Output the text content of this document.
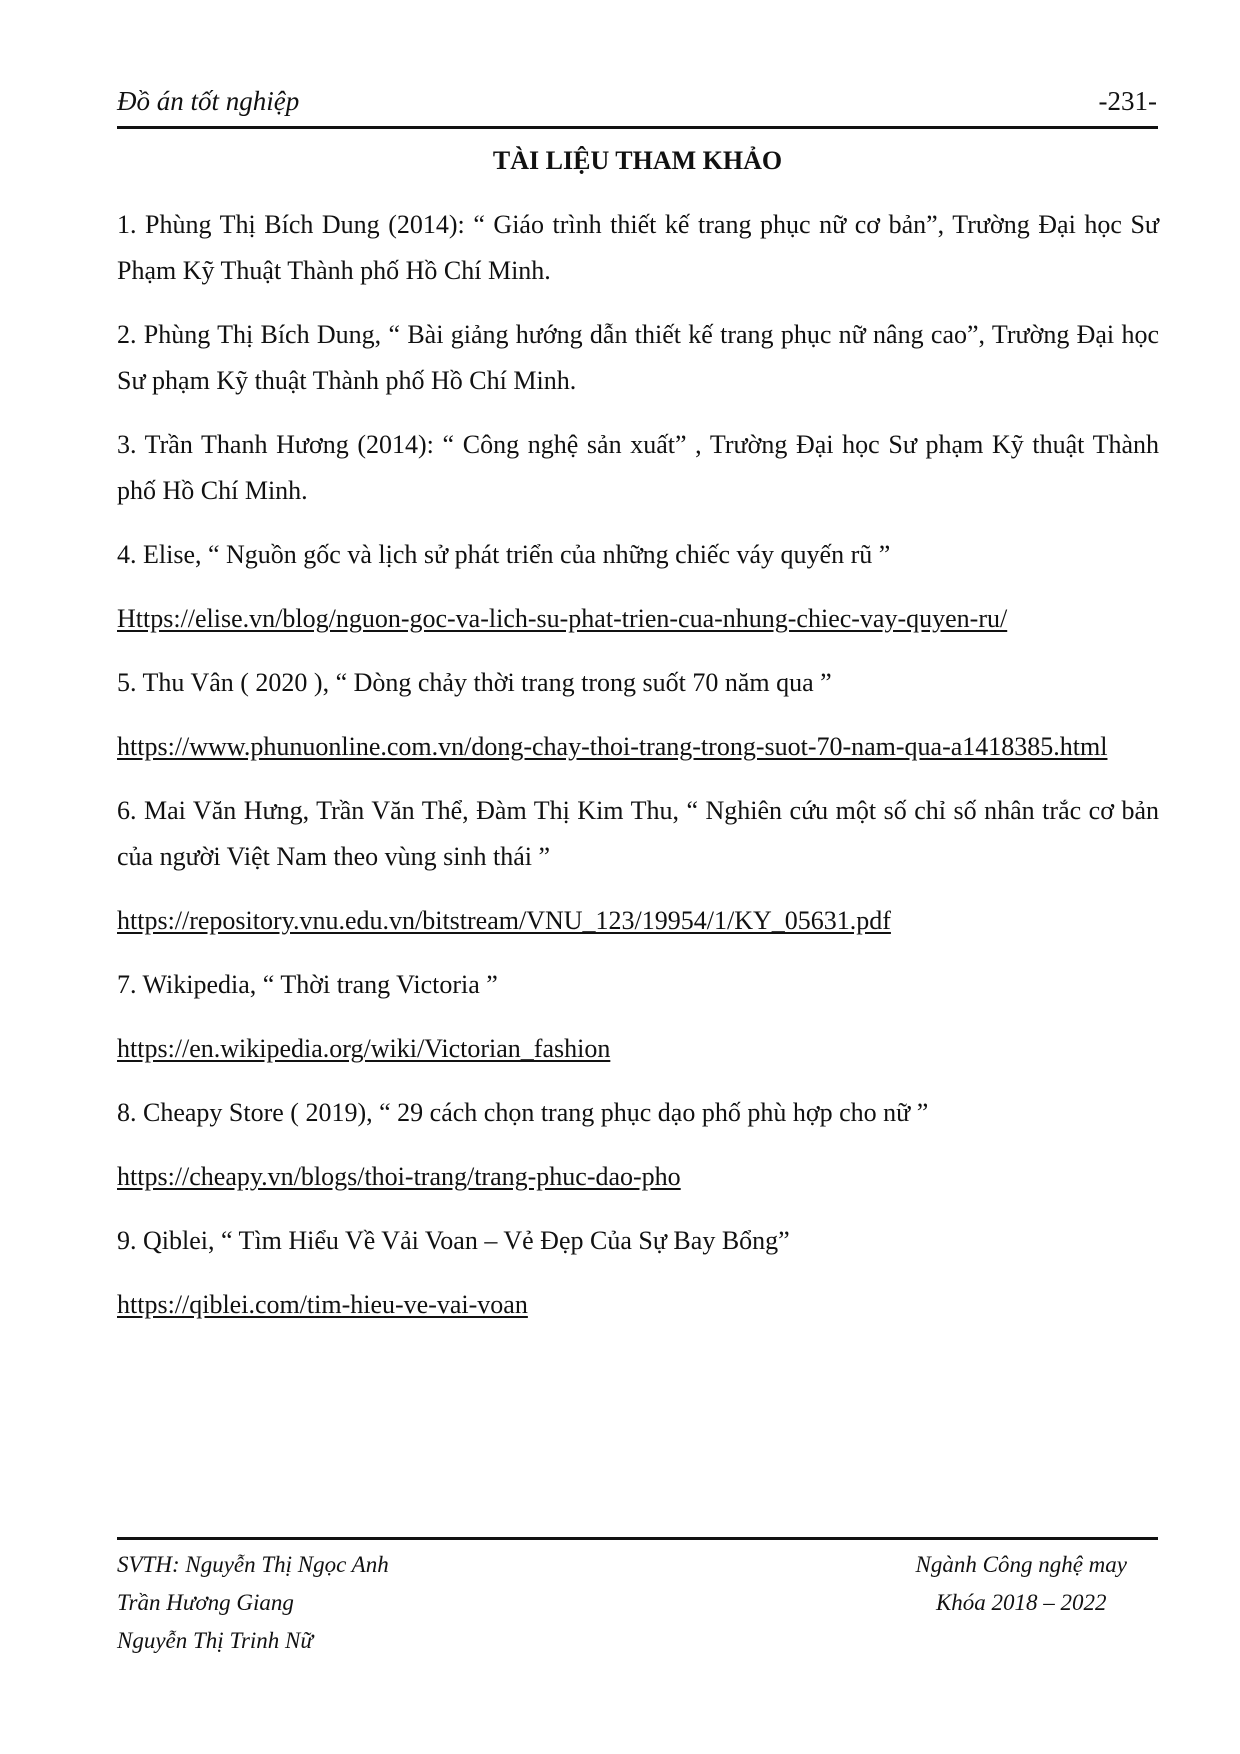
Đồ án tốt nghiệp	-231-
TÀI LIỆU THAM KHẢO

1. Phùng Thị Bích Dung (2014): “ Giáo trình thiết kế trang phục nữ cơ bản”, Trường Đại học Sư Phạm Kỹ Thuật Thành phố Hồ Chí Minh.

2. Phùng Thị Bích Dung, “ Bài giảng hướng dẫn thiết kế trang phục nữ nâng cao”, Trường Đại học Sư phạm Kỹ thuật Thành phố Hồ Chí Minh.

3. Trần Thanh Hương (2014): “ Công nghệ sản xuất” , Trường Đại học Sư phạm Kỹ thuật Thành phố Hồ Chí Minh.

4. Elise, “ Nguồn gốc và lịch sử phát triển của những chiếc váy quyến rũ ”

Https://elise.vn/blog/nguon-goc-va-lich-su-phat-trien-cua-nhung-chiec-vay-quyen-ru/

5. Thu Vân ( 2020 ), “ Dòng chảy thời trang trong suốt 70 năm qua ”

https://www.phunuonline.com.vn/dong-chay-thoi-trang-trong-suot-70-nam-qua-a1418385.html

6. Mai Văn Hưng, Trần Văn Thể, Đàm Thị Kim Thu, “ Nghiên cứu một số chỉ số nhân trắc cơ bản của người Việt Nam theo vùng sinh thái ”

https://repository.vnu.edu.vn/bitstream/VNU_123/19954/1/KY_05631.pdf

7. Wikipedia, “ Thời trang Victoria ”

https://en.wikipedia.org/wiki/Victorian_fashion

8. Cheapy Store ( 2019), “ 29 cách chọn trang phục dạo phố phù hợp cho nữ ”

https://cheapy.vn/blogs/thoi-trang/trang-phuc-dao-pho

9. Qiblei, “ Tìm Hiểu Về Vải Voan – Vẻ Đẹp Của Sự Bay Bổng”

https://qiblei.com/tim-hieu-ve-vai-voan
SVTH: Nguyễn Thị Ngọc Anh
Trần Hương Giang
Nguyễn Thị Trinh Nữ
Ngành Công nghệ may
Khóa 2018 – 2022
